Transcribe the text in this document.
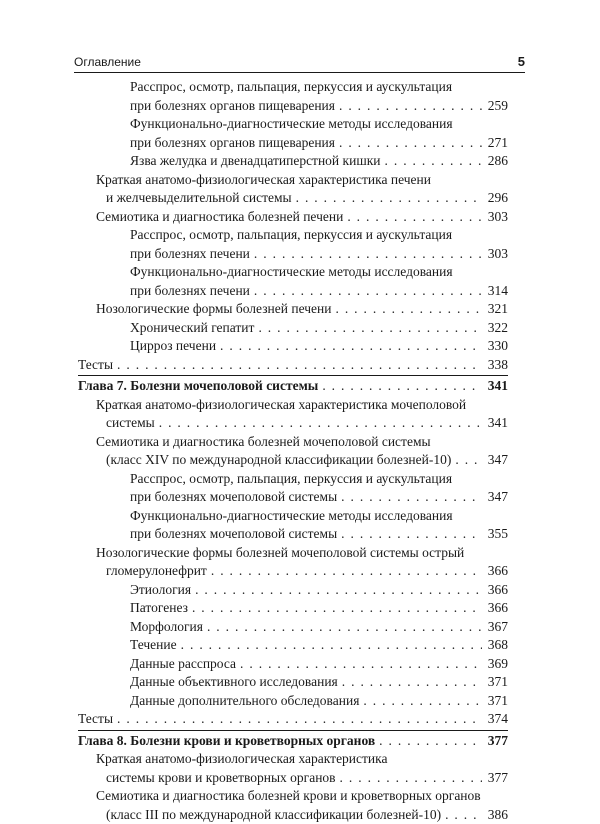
Оглавление	5
Расспрос, осмотр, пальпация, перкуссия и аускультация
при болезнях органов пищеварения . . .	259
Функционально-диагностические методы исследования
при болезнях органов пищеварения . . .	271
Язва желудка и двенадцатиперстной кишки . . .	286
Краткая анатомо-физиологическая характеристика печени
и желчевыделительной системы . . .	296
Семиотика и диагностика болезней печени . . .	303
Расспрос, осмотр, пальпация, перкуссия и аускультация
при болезнях печени . . .	303
Функционально-диагностические методы исследования
при болезнях печени . . .	314
Нозологические формы болезней печени . . .	321
Хронический гепатит . . .	322
Цирроз печени . . .	330
Тесты . . .	338
Глава 7. Болезни мочеполовой системы . . .	341
Краткая анатомо-физиологическая характеристика мочеполовой
системы . . .	341
Семиотика и диагностика болезней мочеполовой системы
(класс XIV по международной классификации болезней-10) . . .	347
Расспрос, осмотр, пальпация, перкуссия и аускультация
при болезнях мочеполовой системы . . .	347
Функционально-диагностические методы исследования
при болезнях мочеполовой системы . . .	355
Нозологические формы болезней мочеполовой системы острый
гломерулонефрит . . .	366
Этиология . . .	366
Патогенез . . .	366
Морфология . . .	367
Течение . . .	368
Данные расспроса . . .	369
Данные объективного исследования . . .	371
Данные дополнительного обследования . . .	371
Тесты . . .	374
Глава 8. Болезни крови и кроветворных органов . . .	377
Краткая анатомо-физиологическая характеристика
системы крови и кроветворных органов . . .	377
Семиотика и диагностика болезней крови и кроветворных органов
(класс III по международной классификации болезней-10) . . .	386
